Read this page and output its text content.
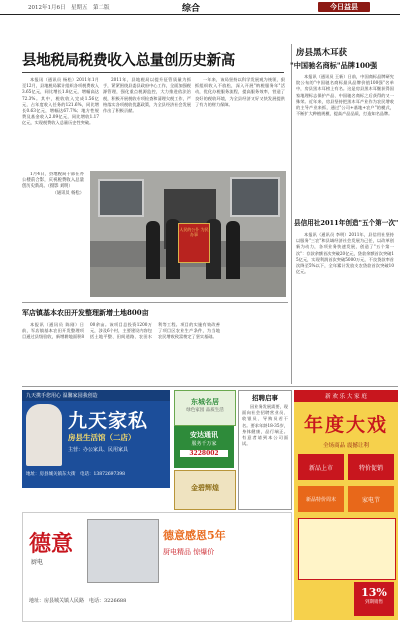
2012年1月6日　星期五　第二版	综合	今日益县
县地税局税费收入总量创历史新高

本报讯（通讯员 杨松）2011年1月至12月，县地税局累计组织各项税费收入3.65亿元，同比增长1.8亿元，增幅高达72.3%。其中，税收收入完成1.56亿元，占年度收入任务的121.6%，同比增长0.63亿元，增幅达67.7%；地方性规费及基金收入2.09亿元，同比增收1.17亿元，实现税费收入总量历史性突破。

2011年，县地税局以提升征管质量为抓手，紧紧围绕县委县政府中心工作，全面加强税源管理，强化重点税源监控，大力推进依法治税，积极开展税收专项检查和清理欠税工作，严格落实各项税收优惠政策，为全县经济社会发展作出了积极贡献。

一年来，该局坚持以科学发展观为统领，狠抓组织收入不放松，深入开展"纳税服务年"活动，优化办税服务流程，提高服务效率，营造了良好的税收环境，为全县经济又好又快发展提供了有力的财力保障。

1月4日，县地税局干部在办公楼前合影，庆祝税费收入总量创历史新高。（摄影 刘明）

（通讯员 杨松）

人民的公仆 为民办事
房县黑木耳获
"中国驰名商标"品牌100强

本报讯（通讯员 王新）日前，中国商标品牌研究院公布的"中国驰名商标最具品牌价值100强"名单中，房县黑木耳榜上有名。这是房县黑木耳继获得国家地理标志保护产品、中国驰名商标之后获得的又一殊荣。近年来，房县坚持把黑木耳产业作为农民增收的主导产业来抓，通过"公司+基地+农户"的模式，不断扩大种植规模，提高产品品质，打造知名品牌。

县信用社2011年创造"五个第一次"

本报讯（通讯员 李明）2011年，县信用社坚持以服务"三农"和县域经济社会发展为己任，以改革创新为动力，各项业务快速发展，创造了"五个第一次"：存款余额首次突破20亿元，贷款余额首次突破15亿元，实现利润首次突破5000万元，不良贷款率首次降至5%以下，全年累计发放支农贷款首次突破10亿元。

军店镇基本农田开发整理新增土地800亩

本报讯（通讯员 陈刚）日前，军店镇基本农田开发整理项目通过县级验收，新增耕地面积800余亩。该项目总投资1200万元，涉及6个村，主要建设内容包括土地平整、田间道路、农田水利等工程。项目的实施有效改善了项目区农业生产条件，为当地农民增收致富奠定了坚实基础。

九天携手您用心 温馨家园我创造
九天家私
房县生活馆（二店）
主营：办公家具、民用家具
地址：房县城关镇东大街　电话：13872697398
东城名居
绿色家园 品质生活
安达通讯
服务千万家
3228002
金碧辉煌
招聘启事

因业务发展需要，现面向社会招聘营业员、收银员、导购员若干名。要求年龄18-35岁，身体健康，品行端正。有意者请到本公司面试。

新 欢 乐 大 家 庭
年度大戏
全场商品 震撼让利
新品上市	特价促销
新品特价周末	家电节
13%
到期销售
德意
厨电
德意感恩5年
厨电精品 惊爆价
地址：房县城关镇人民路　电话：3226688
